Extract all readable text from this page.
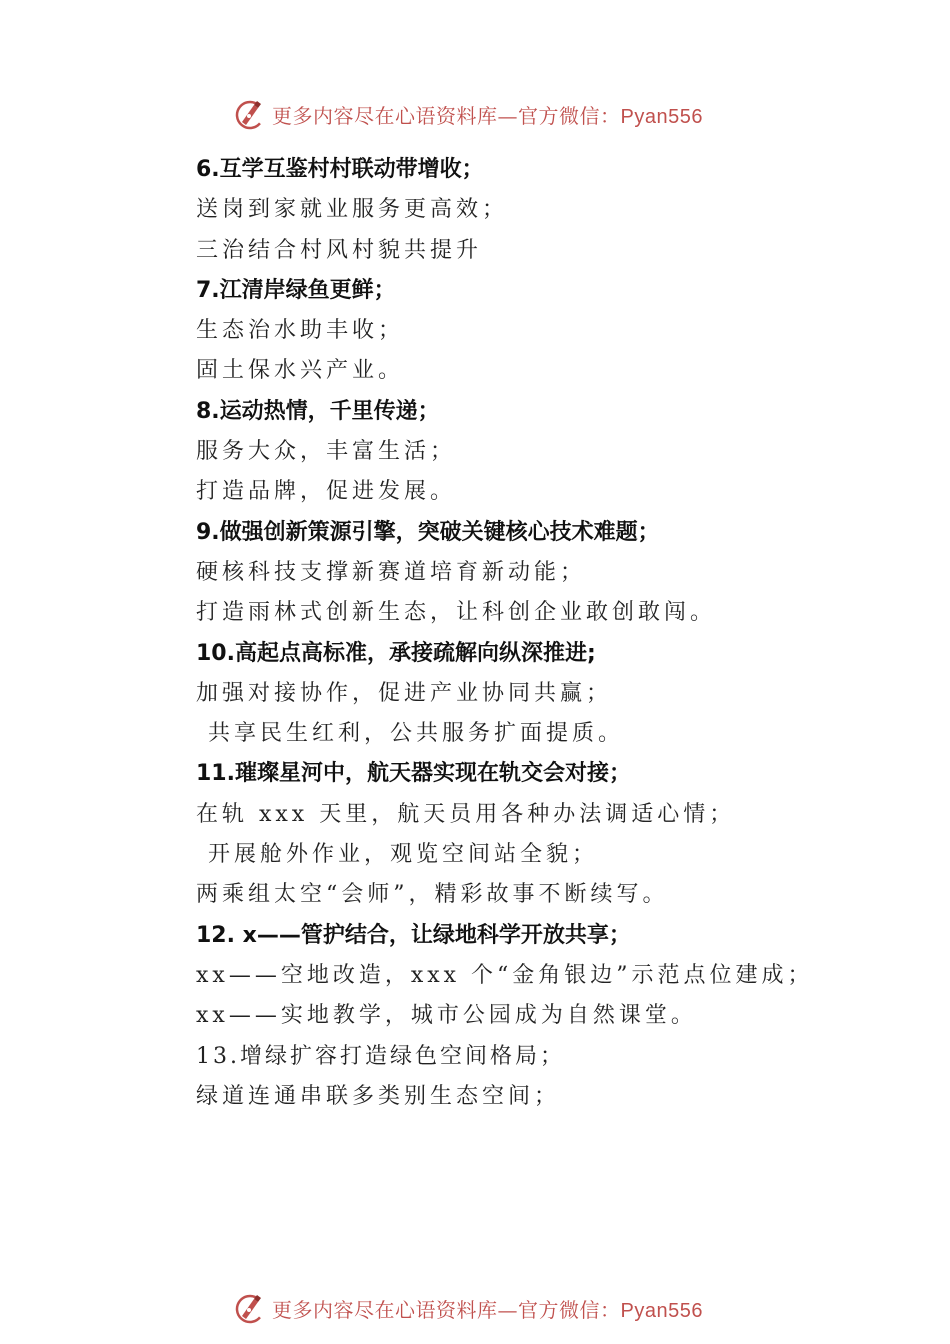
更多内容尽在心语资料库—官方微信：Pyan556
6.互学互鉴村村联动带增收；
送岗到家就业服务更高效；
三治结合村风村貌共提升
7.江清岸绿鱼更鲜；
生态治水助丰收；
固土保水兴产业。
8.运动热情，千里传递；
服务大众，丰富生活；
打造品牌，促进发展。
9.做强创新策源引擎，突破关键核心技术难题；
硬核科技支撑新赛道培育新动能；
打造雨林式创新生态，让科创企业敢创敢闯。
10.高起点高标准，承接疏解向纵深推进;
加强对接协作，促进产业协同共赢；
共享民生红利，公共服务扩面提质。
11.璀璨星河中，航天器实现在轨交会对接；
在轨 xxx 天里，航天员用各种办法调适心情；
开展舱外作业，观览空间站全貌；
两乘组太空“会师”，精彩故事不断续写。
12. x——管护结合，让绿地科学开放共享；
xx——空地改造，xxx 个“金角银边”示范点位建成；
xx——实地教学，城市公园成为自然课堂。
13.增绿扩容打造绿色空间格局；
绿道连通串联多类别生态空间；
更多内容尽在心语资料库—官方微信：Pyan556
